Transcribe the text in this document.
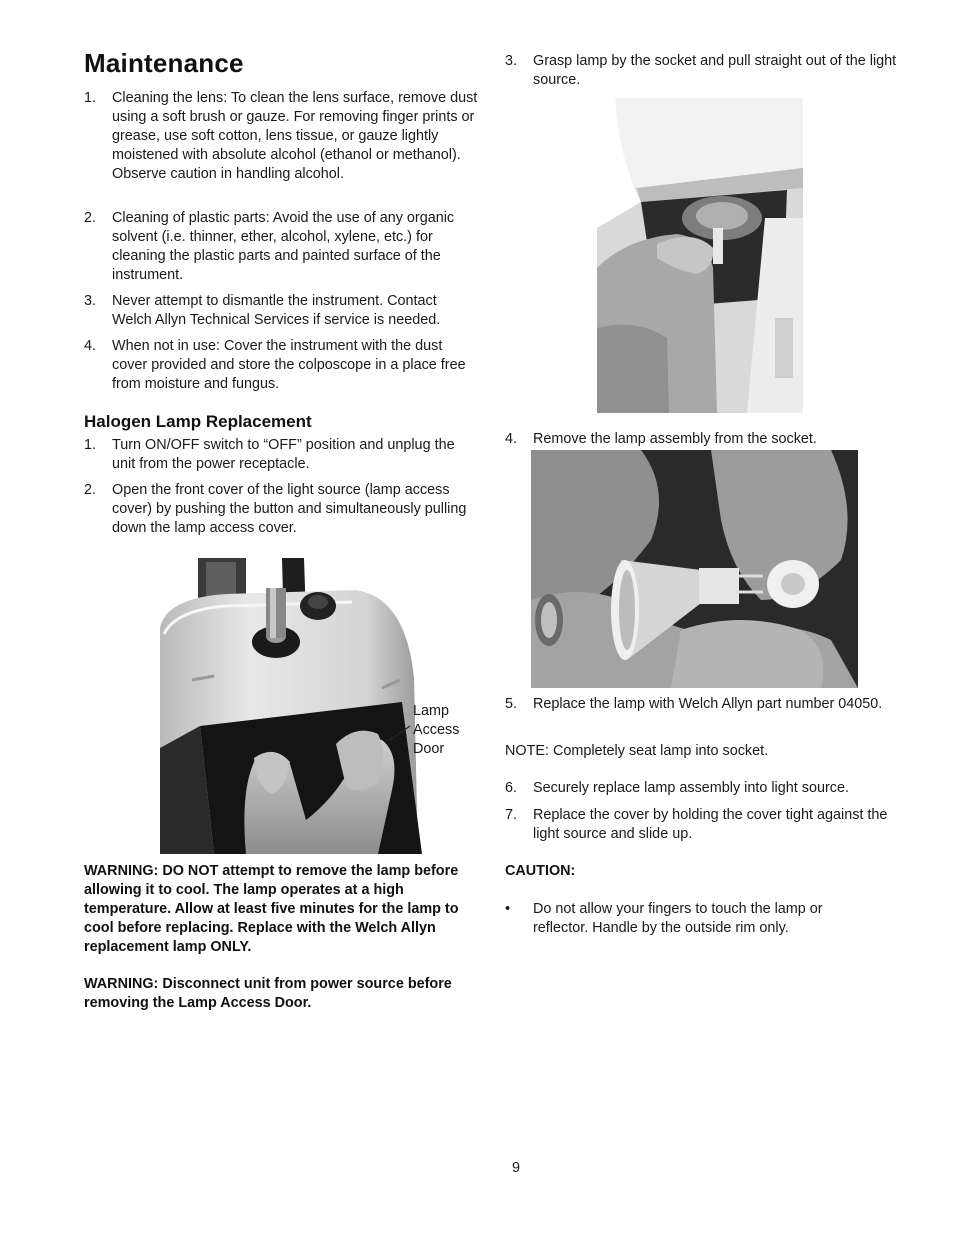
Maintenance
1.	Cleaning the lens: To clean the lens surface, remove dust using a soft brush or gauze. For removing finger prints or grease, use soft cotton, lens tissue, or gauze lightly moistened with absolute alcohol (ethanol or methanol). Observe caution in handling alcohol.
2.	Cleaning of plastic parts: Avoid the use of any organic solvent (i.e. thinner, ether, alcohol, xylene, etc.) for cleaning the plastic parts and painted surface of the instrument.
3.	Never attempt to dismantle the instrument. Contact Welch Allyn Technical Services if service is needed.
4.	When not in use: Cover the instrument with the dust cover provided and store the colposcope in a place free from moisture and fungus.
Halogen Lamp Replacement
1.	Turn ON/OFF switch to “OFF” position and unplug the unit from the power receptacle.
2.	Open the front cover of the light source (lamp access cover) by pushing the button and simultaneously pulling down the lamp access cover.
Lamp
Access
Door
WARNING: DO NOT attempt to remove the lamp before allowing it to cool. The lamp operates at a high temperature. Allow at least five minutes for the lamp to cool before replacing. Replace with the Welch Allyn replacement lamp ONLY.
WARNING: Disconnect unit from power source before removing the Lamp Access Door.
3.	Grasp lamp by the socket and pull straight out of the light source.
4.	Remove the lamp assembly from the socket.
5.	Replace the lamp with Welch Allyn part number 04050.
NOTE: Completely seat lamp into socket.
6.	Securely replace lamp assembly into light source.
7.	Replace the cover by holding the cover tight against the light source and slide up.
CAUTION:
•	Do not allow your fingers to touch the lamp or reflector. Handle by the outside rim only.
9
